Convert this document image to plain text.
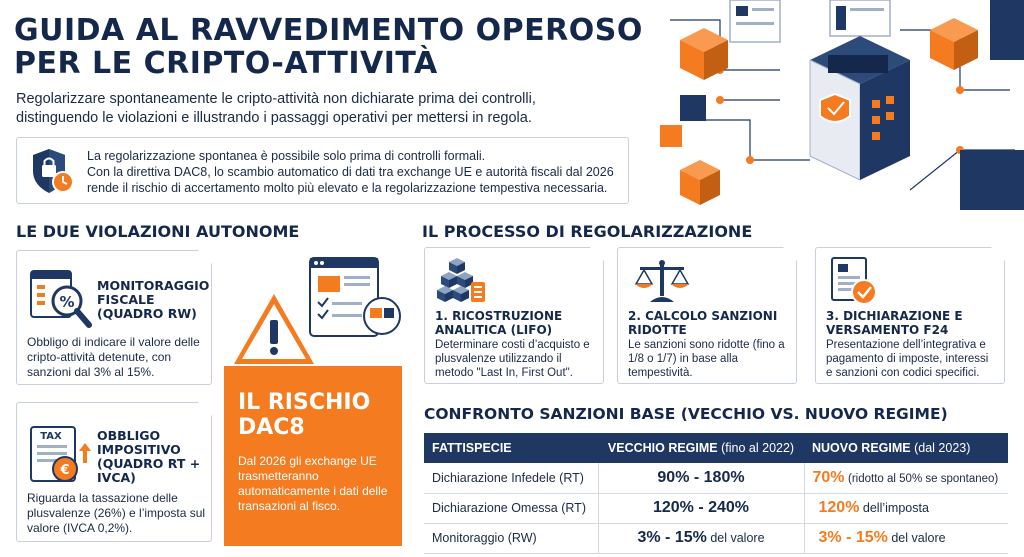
GUIDA AL RAVVEDIMENTO OPEROSO
PER LE CRIPTO-ATTIVITÀ
Regolarizzare spontaneamente le cripto-attività non dichiarate prima dei controlli, distinguendo le violazioni e illustrando i passaggi operativi per mettersi in regola.
La regolarizzazione spontanea è possibile solo prima di controlli formali.
Con la direttiva DAC8, lo scambio automatico di dati tra exchange UE e autorità fiscali dal 2026 rende il rischio di accertamento molto più elevato e la regolarizzazione tempestiva necessaria.
LE DUE VIOLAZIONI AUTONOME
%
MONITORAGGIO FISCALE (QUADRO RW)
Obbligo di indicare il valore delle cripto-attività detenute, con sanzioni dal 3% al 15%.
TAX
€
OBBLIGO IMPOSITIVO (QUADRO RT + IVCA)
Riguarda la tassazione delle plusvalenze (26%) e l’imposta sul valore (IVCA 0,2%).
IL RISCHIO
DAC8
Dal 2026 gli exchange UE trasmetteranno automaticamente i dati delle transazioni al fisco.
IL PROCESSO DI REGOLARIZZAZIONE
1. RICOSTRUZIONE ANALITICA (LIFO)
Determinare costi d’acquisto e plusvalenze utilizzando il metodo "Last In, First Out".
2. CALCOLO SANZIONI RIDOTTE
Le sanzioni sono ridotte (fino a 1/8 o 1/7) in base alla tempestività.
3. DICHIARAZIONE E VERSAMENTO F24
Presentazione dell’integrativa e pagamento di imposte, interessi e sanzioni con codici specifici.
CONFRONTO SANZIONI BASE (VECCHIO VS. NUOVO REGIME)
FATTISPECIE	VECCHIO REGIME (fino al 2022)	NUOVO REGIME (dal 2023)
Dichiarazione Infedele (RT)	90% - 180%	70% (ridotto al 50% se spontaneo)
Dichiarazione Omessa (RT)	120% - 240%	120% dell’imposta
Monitoraggio (RW)	3% - 15% del valore	3% - 15% del valore
